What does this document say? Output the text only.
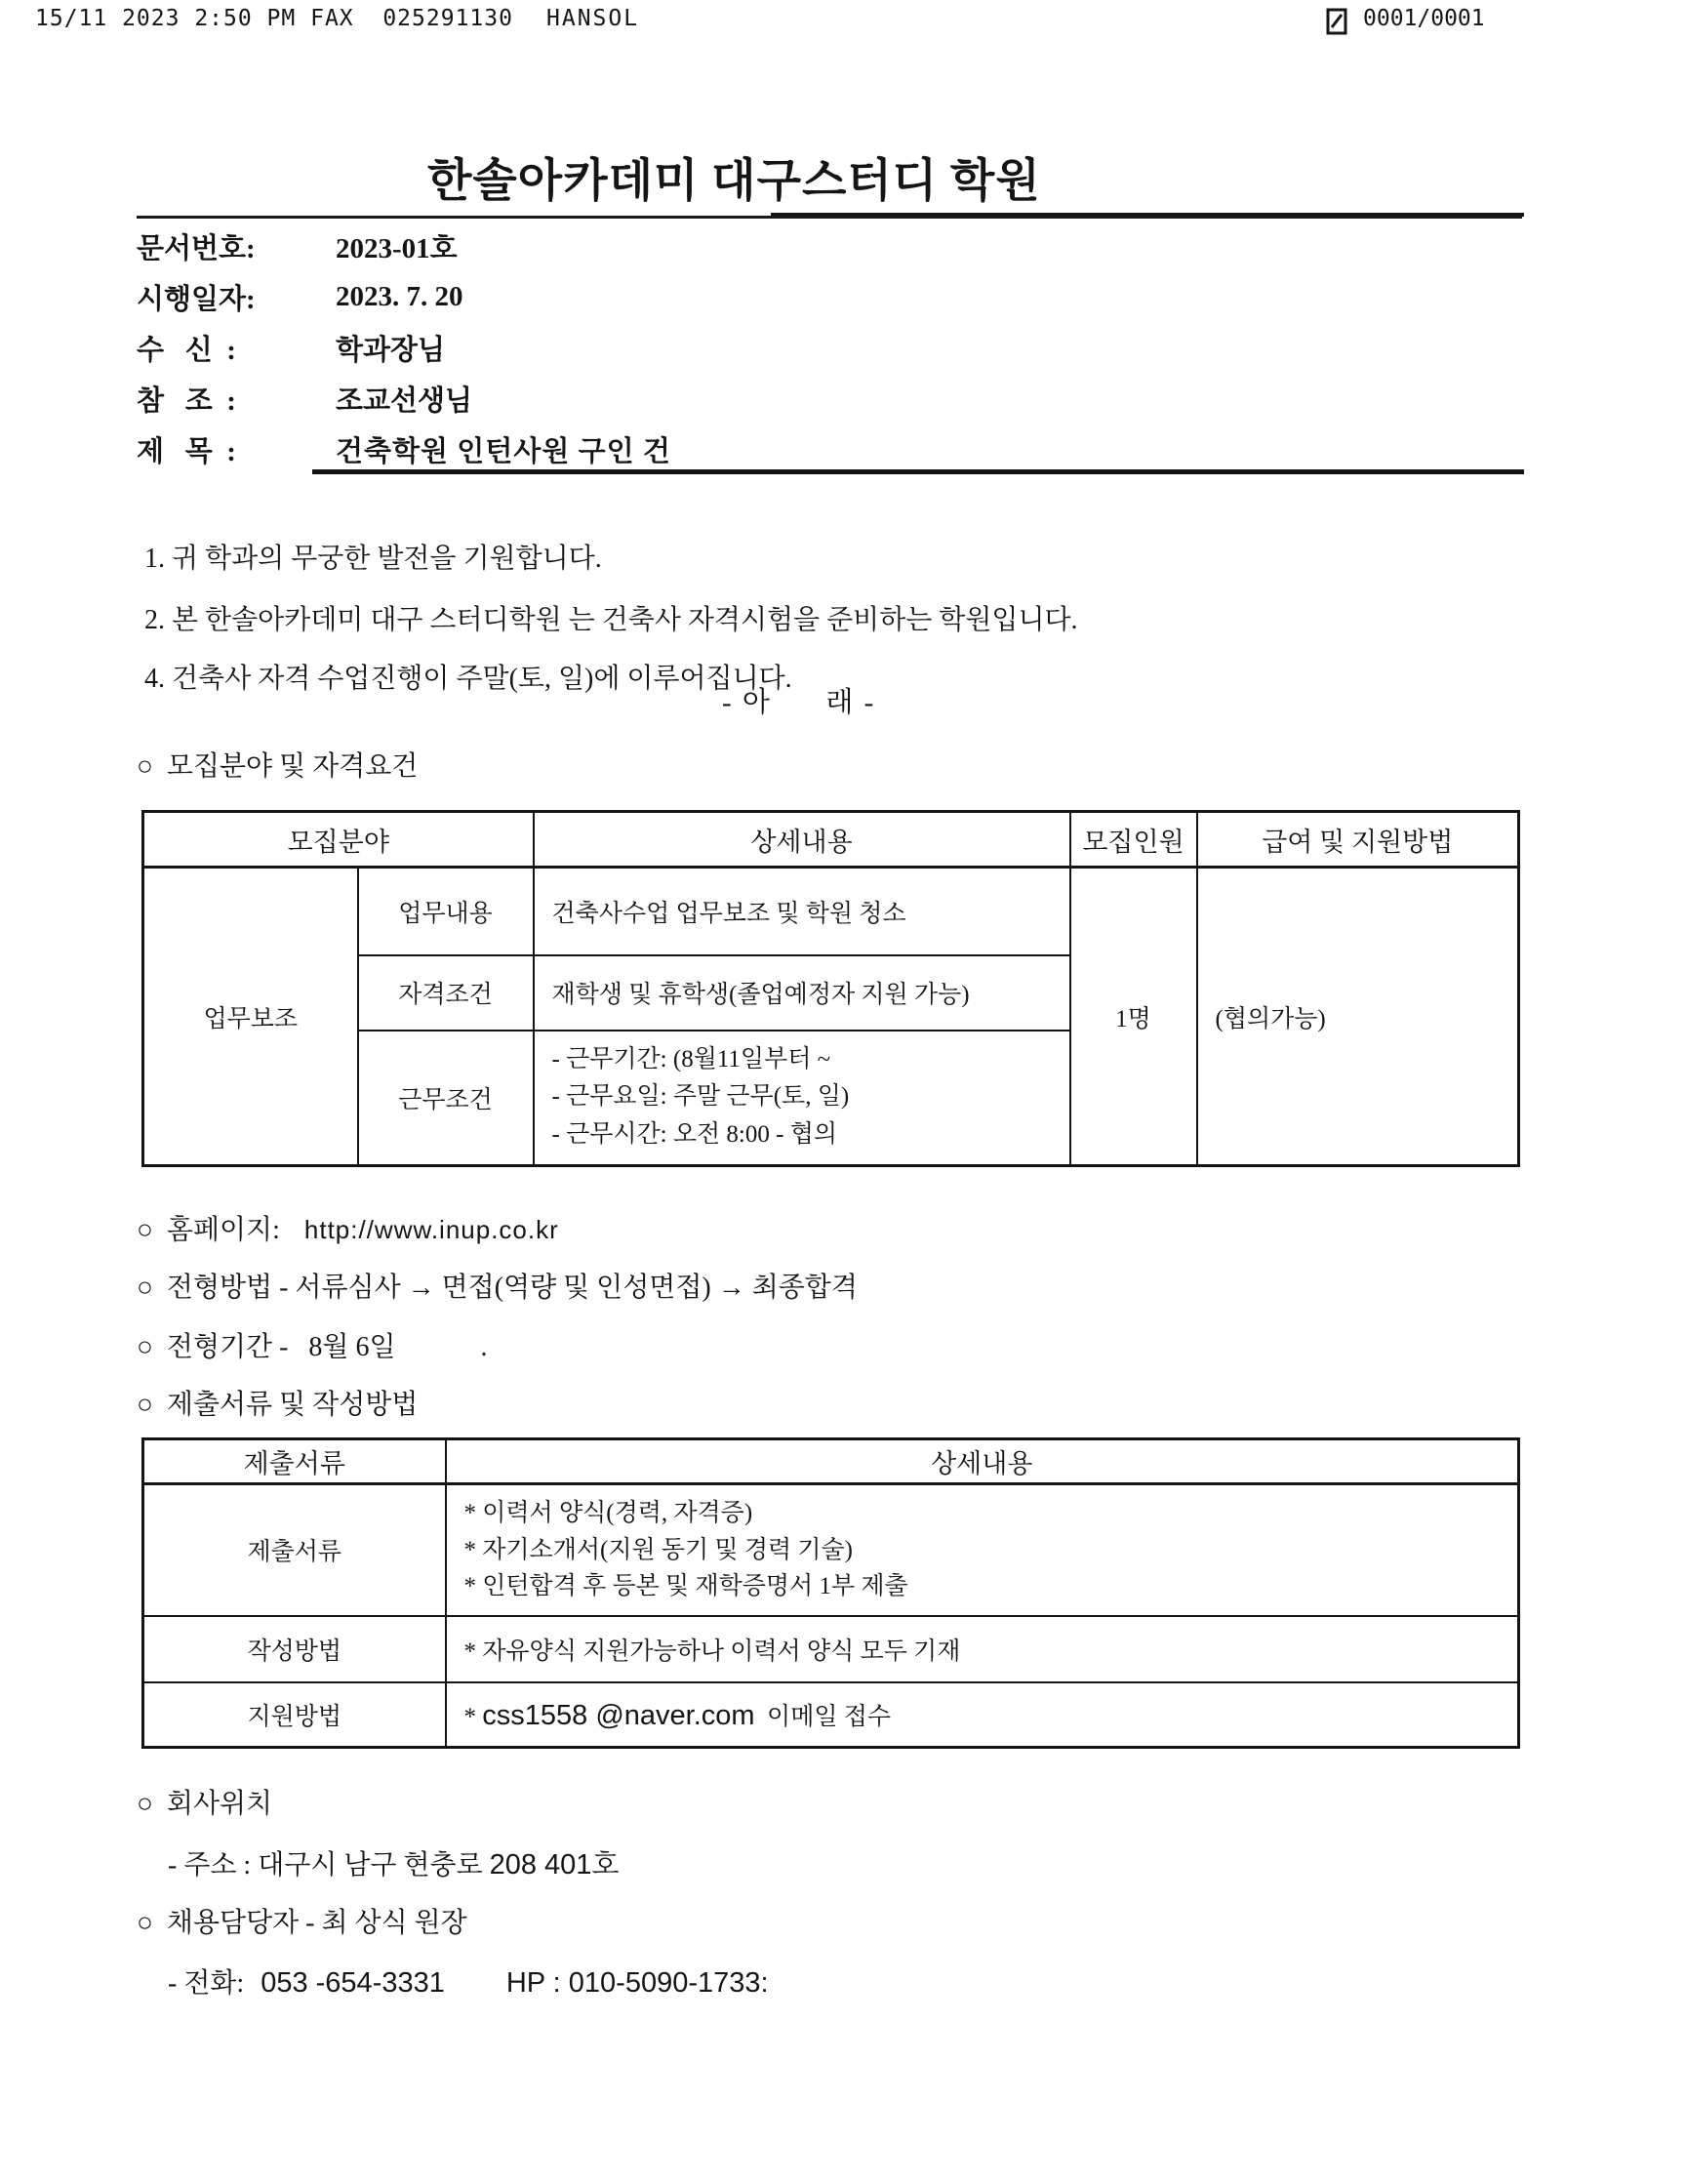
15/11 2023 2:50 PM FAX  025291130 HANSOL	0001/0001
한솔아카데미 대구스터디 학원
문서번호:	2023-01호
시행일자:	2023. 7. 20
수   신  :	학과장님
참   조  :	조교선생님
제   목  :	건축학원 인턴사원 구인 건

1. 귀 학과의 무궁한 발전을 기원합니다.

2. 본 한솔아카데미 대구 스터디학원 는 건축사 자격시험을 준비하는 학원입니다.

4. 건축사 자격 수업진행이 주말(토, 일)에 이루어집니다.

- 아      래 -
○  모집분야 및 자격요건
모집분야		상세내용	모집인원	급여 및 지원방법
업무보조	업무내용	건축사수업 업무보조 및 학원 청소	1명	(협의가능)
	자격조건	재학생 및 휴학생(졸업예정자 지원 가능)		
	근무조건	- 근무기간: (8월11일부터 ~
- 근무요일: 주말 근무(토, 일)
- 근무시간: 오전 8:00 - 협의		
○  홈페이지: http://www.inup.co.kr
○  전형방법 - 서류심사 → 면접(역량 및 인성면접) → 최종합격
○  전형기간 -   8월 6일	.
○  제출서류 및 작성방법
제출서류	상세내용
제출서류	* 이력서 양식(경력, 자격증)
* 자기소개서(지원 동기 및 경력 기술)
* 인턴합격 후 등본 및 재학증명서 1부 제출

작성방법	* 자유양식 지원가능하나 이력서 양식 모두 기재
지원방법	* css1558 @naver.com  이메일 접수
○  회사위치
- 주소 : 대구시 남구 현충로 208 401호
○  채용담당자 - 최 상식 원장
- 전화: 053 -654-3331 HP : 010-5090-1733:
